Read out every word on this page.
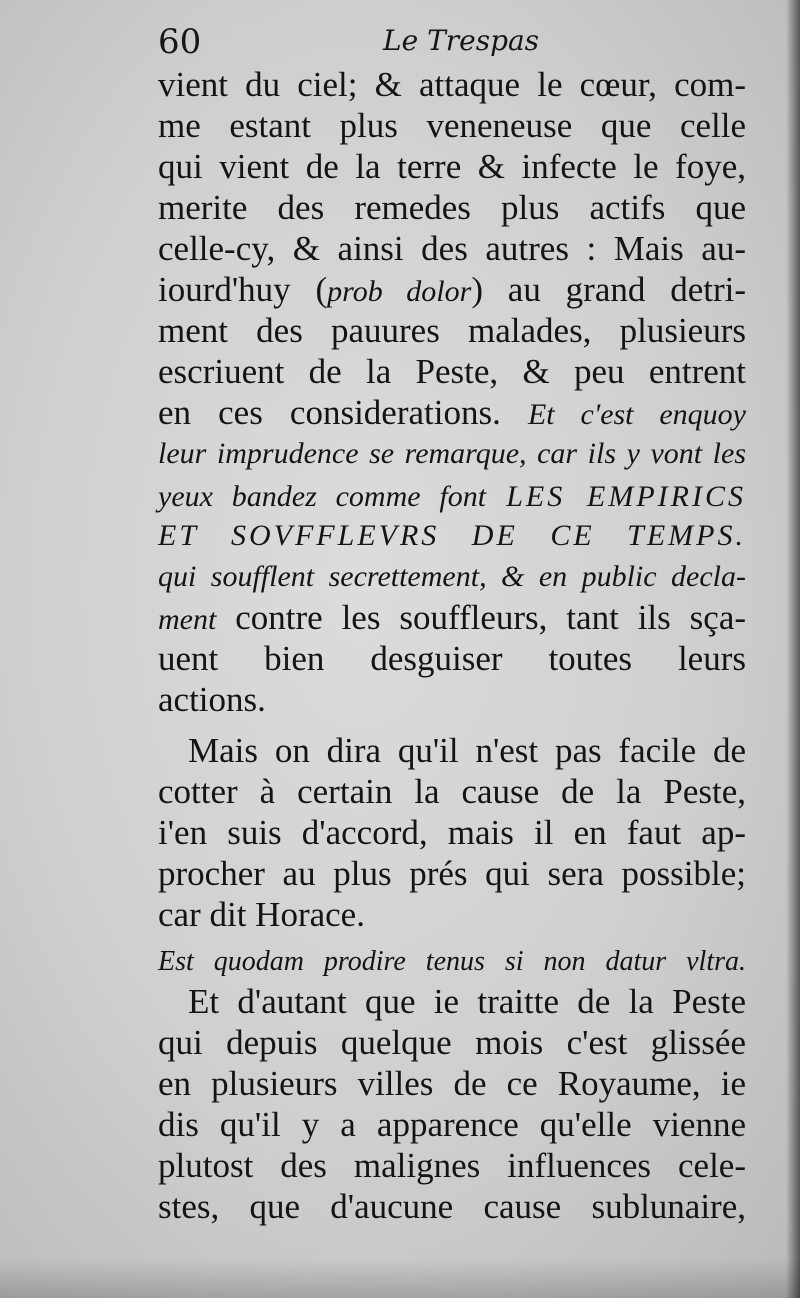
60	Le Trespas
vient du ciel; & attaque le cœur, com-
me estant plus veneneuse que celle
qui vient de la terre & infecte le foye,
merite des remedes plus actifs que
celle-cy, & ainsi des autres : Mais au-
iourd'huy (prob dolor) au grand detri-
ment des pauures malades, plusieurs
escriuent de la Peste, & peu entrent
en ces considerations. Et c'est enquoy
leur imprudence se remarque, car ils y vont les
yeux bandez comme font LES EMPIRICS
ET SOVFFLEVRS DE CE TEMPS.
qui soufflent secrettement, & en public decla-
ment contre les souffleurs, tant ils sça-
uent bien desguiser toutes leurs
actions.
Mais on dira qu'il n'est pas facile de
cotter à certain la cause de la Peste,
i'en suis d'accord, mais il en faut ap-
procher au plus prés qui sera possible;
car dit Horace.
Est quodam prodire tenus si non datur vltra.
Et d'autant que ie traitte de la Peste
qui depuis quelque mois c'est glissée
en plusieurs villes de ce Royaume, ie
dis qu'il y a apparence qu'elle vienne
plutost des malignes influences cele-
stes, que d'aucune cause sublunaire,
